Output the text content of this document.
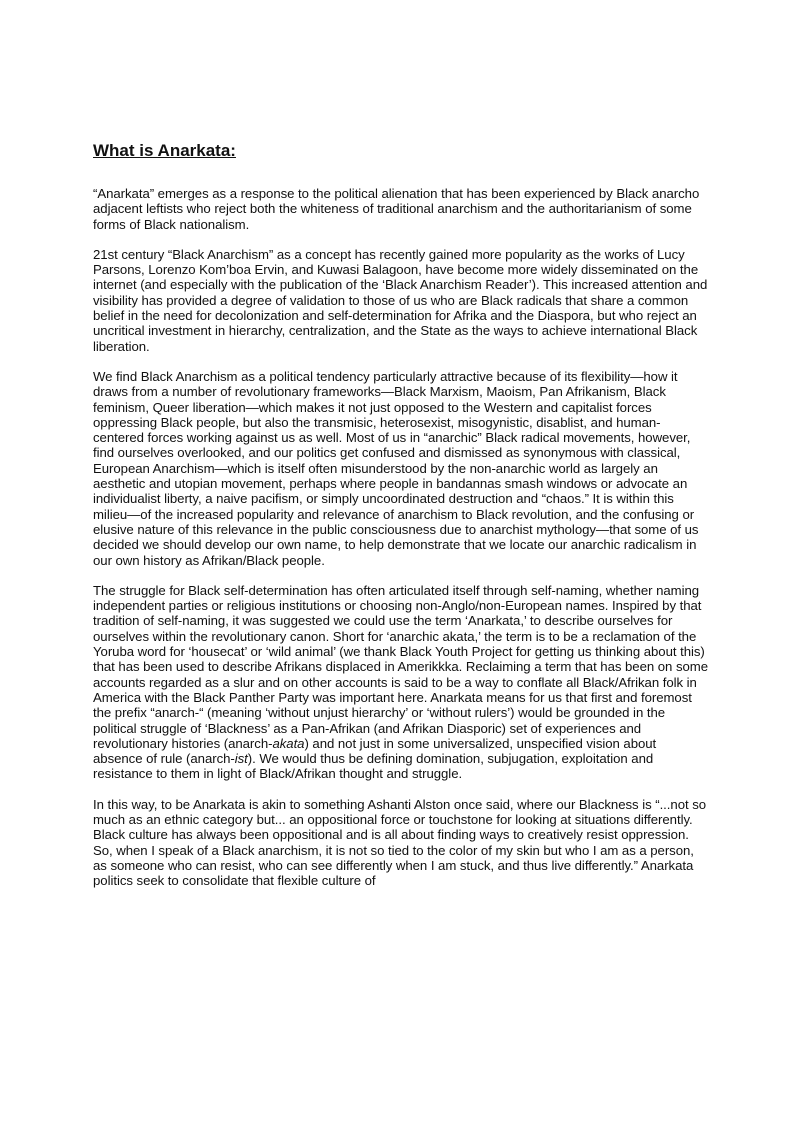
What is Anarkata:

“Anarkata” emerges as a response to the political alienation that has been experienced by Black anarcho adjacent leftists who reject both the whiteness of traditional anarchism and the authoritarianism of some forms of Black nationalism.

21st century “Black Anarchism” as a concept has recently gained more popularity as the works of Lucy Parsons, Lorenzo Kom’boa Ervin, and Kuwasi Balagoon, have become more widely disseminated on the internet (and especially with the publication of the ‘Black Anarchism Reader’). This increased attention and visibility has provided a degree of validation to those of us who are Black radicals that share a common belief in the need for decolonization and self-determination for Afrika and the Diaspora, but who reject an uncritical investment in hierarchy, centralization, and the State as the ways to achieve international Black liberation.

We find Black Anarchism as a political tendency particularly attractive because of its flexibility—how it draws from a number of revolutionary frameworks—Black Marxism, Maoism, Pan Afrikanism, Black feminism, Queer liberation—which makes it not just opposed to the Western and capitalist forces oppressing Black people, but also the transmisic, heterosexist, misogynistic, disablist, and human-centered forces working against us as well. Most of us in “anarchic” Black radical movements, however, find ourselves overlooked, and our politics get confused and dismissed as synonymous with classical, European Anarchism—which is itself often misunderstood by the non-anarchic world as largely an aesthetic and utopian movement, perhaps where people in bandannas smash windows or advocate an individualist liberty, a naive pacifism, or simply uncoordinated destruction and “chaos.” It is within this milieu—of the increased popularity and relevance of anarchism to Black revolution, and the confusing or elusive nature of this relevance in the public consciousness due to anarchist mythology—that some of us decided we should develop our own name, to help demonstrate that we locate our anarchic radicalism in our own history as Afrikan/Black people.

The struggle for Black self-determination has often articulated itself through self-naming, whether naming independent parties or religious institutions or choosing non-Anglo/non-European names. Inspired by that tradition of self-naming, it was suggested we could use the term ‘Anarkata,’ to describe ourselves for ourselves within the revolutionary canon. Short for ‘anarchic akata,’ the term is to be a reclamation of the Yoruba word for ‘housecat’ or ‘wild animal’ (we thank Black Youth Project for getting us thinking about this) that has been used to describe Afrikans displaced in Amerikkka. Reclaiming a term that has been on some accounts regarded as a slur and on other accounts is said to be a way to conflate all Black/Afrikan folk in America with the Black Panther Party was important here. Anarkata means for us that first and foremost the prefix “anarch-“ (meaning ‘without unjust hierarchy’ or ‘without rulers’) would be grounded in the political struggle of ‘Blackness’ as a Pan-Afrikan (and Afrikan Diasporic) set of experiences and revolutionary histories (anarch-akata) and not just in some universalized, unspecified vision about absence of rule (anarch-ist). We would thus be defining domination, subjugation, exploitation and resistance to them in light of Black/Afrikan thought and struggle.

In this way, to be Anarkata is akin to something Ashanti Alston once said, where our Blackness is “...not so much as an ethnic category but... an oppositional force or touchstone for looking at situations differently. Black culture has always been oppositional and is all about finding ways to creatively resist oppression. So, when I speak of a Black anarchism, it is not so tied to the color of my skin but who I am as a person, as someone who can resist, who can see differently when I am stuck, and thus live differently.” Anarkata politics seek to consolidate that flexible culture of
